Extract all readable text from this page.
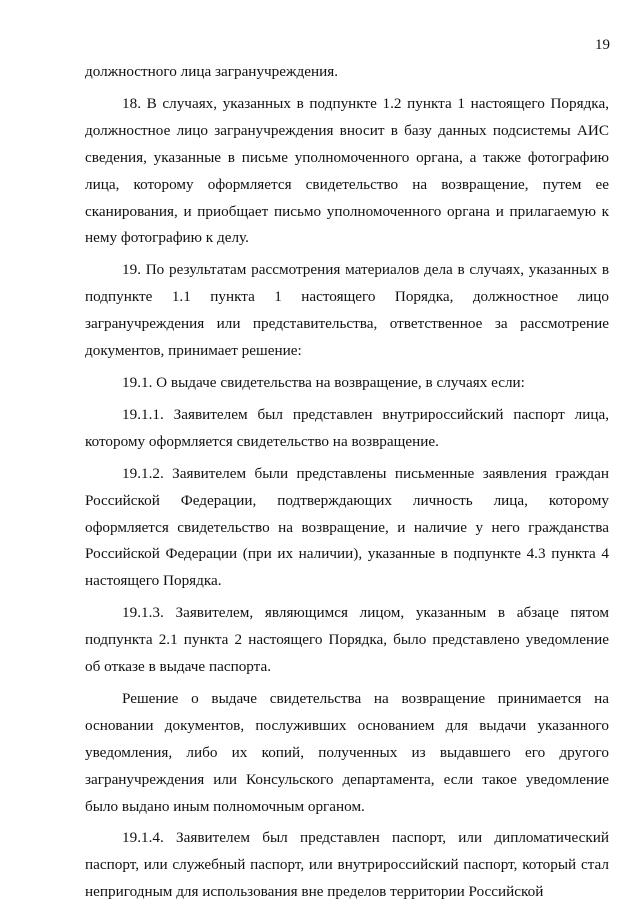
19

должностного лица загранучреждения.

18. В случаях, указанных в подпункте 1.2 пункта 1 настоящего Порядка, должностное лицо загранучреждения вносит в базу данных подсистемы АИС сведения, указанные в письме уполномоченного органа, а также фотографию лица, которому оформляется свидетельство на возвращение, путем ее сканирования, и приобщает письмо уполномоченного органа и прилагаемую к нему фотографию к делу.

19. По результатам рассмотрения материалов дела в случаях, указанных в подпункте 1.1 пункта 1 настоящего Порядка, должностное лицо загранучреждения или представительства, ответственное за рассмотрение документов, принимает решение:

19.1. О выдаче свидетельства на возвращение, в случаях если:

19.1.1. Заявителем был представлен внутрироссийский паспорт лица, которому оформляется свидетельство на возвращение.

19.1.2. Заявителем были представлены письменные заявления граждан Российской Федерации, подтверждающих личность лица, которому оформляется свидетельство на возвращение, и наличие у него гражданства Российской Федерации (при их наличии), указанные в подпункте 4.3 пункта 4 настоящего Порядка.

19.1.3. Заявителем, являющимся лицом, указанным в абзаце пятом подпункта 2.1 пункта 2 настоящего Порядка, было представлено уведомление об отказе в выдаче паспорта.

Решение о выдаче свидетельства на возвращение принимается на основании документов, послуживших основанием для выдачи указанного уведомления, либо их копий, полученных из выдавшего его другого загранучреждения или Консульского департамента, если такое уведомление было выдано иным полномочным органом.

19.1.4. Заявителем был представлен паспорт, или дипломатический паспорт, или служебный паспорт, или внутрироссийский паспорт, который стал непригодным для использования вне пределов территории Российской
